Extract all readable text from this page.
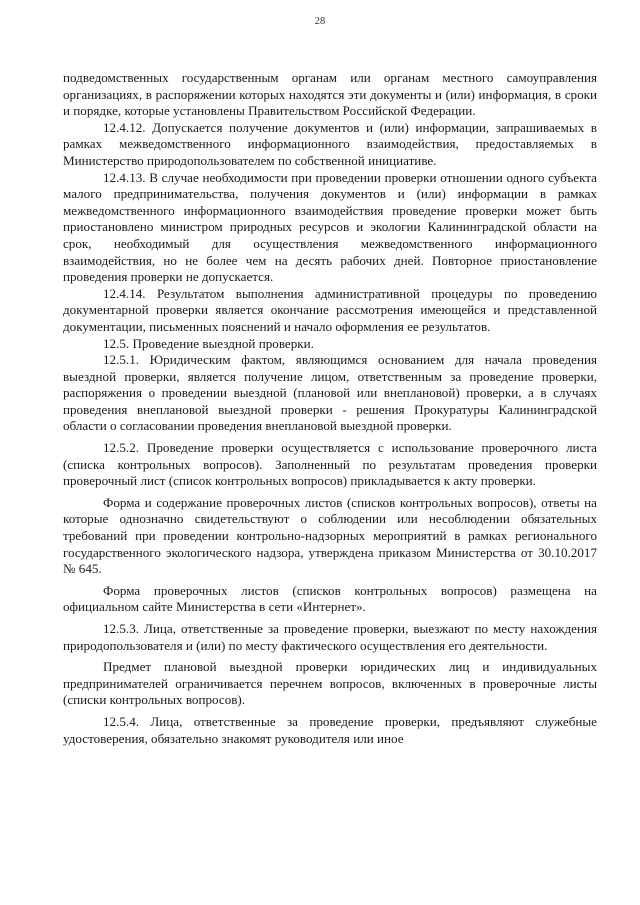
28

подведомственных государственным органам или органам местного самоуправления организациях, в распоряжении которых находятся эти документы и (или) информация, в сроки и порядке, которые установлены Правительством Российской Федерации.

12.4.12. Допускается получение документов и (или) информации, запрашиваемых в рамках межведомственного информационного взаимодействия, предоставляемых в Министерство природопользователем по собственной инициативе.

12.4.13. В случае необходимости при проведении проверки отношении одного субъекта малого предпринимательства, получения документов и (или) информации в рамках межведомственного информационного взаимодействия проведение проверки может быть приостановлено министром природных ресурсов и экологии Калининградской области на срок, необходимый для осуществления межведомственного информационного взаимодействия, но не более чем на десять рабочих дней. Повторное приостановление проведения проверки не допускается.

12.4.14. Результатом выполнения административной процедуры по проведению документарной проверки является окончание рассмотрения имеющейся и представленной документации, письменных пояснений и начало оформления ее результатов.

12.5. Проведение выездной проверки.

12.5.1. Юридическим фактом, являющимся основанием для начала проведения выездной проверки, является получение лицом, ответственным за проведение проверки, распоряжения о проведении выездной (плановой или внеплановой) проверки, а в случаях проведения внеплановой выездной проверки - решения Прокуратуры Калининградской области о согласовании проведения внеплановой выездной проверки.

12.5.2. Проведение проверки осуществляется с использование проверочного листа (списка контрольных вопросов). Заполненный по результатам проведения проверки проверочный лист (список контрольных вопросов) прикладывается к акту проверки.

Форма и содержание проверочных листов (списков контрольных вопросов), ответы на которые однозначно свидетельствуют о соблюдении или несоблюдении обязательных требований при проведении контрольно-надзорных мероприятий в рамках регионального государственного экологического надзора, утверждена приказом Министерства от 30.10.2017 № 645.

Форма проверочных листов (списков контрольных вопросов) размещена на официальном сайте Министерства в сети «Интернет».

12.5.3. Лица, ответственные за проведение проверки, выезжают по месту нахождения природопользователя и (или) по месту фактического осуществления его деятельности.

Предмет плановой выездной проверки юридических лиц и индивидуальных предпринимателей ограничивается перечнем вопросов, включенных в проверочные листы (списки контрольных вопросов).

12.5.4. Лица, ответственные за проведение проверки, предъявляют служебные удостоверения, обязательно знакомят руководителя или иное
